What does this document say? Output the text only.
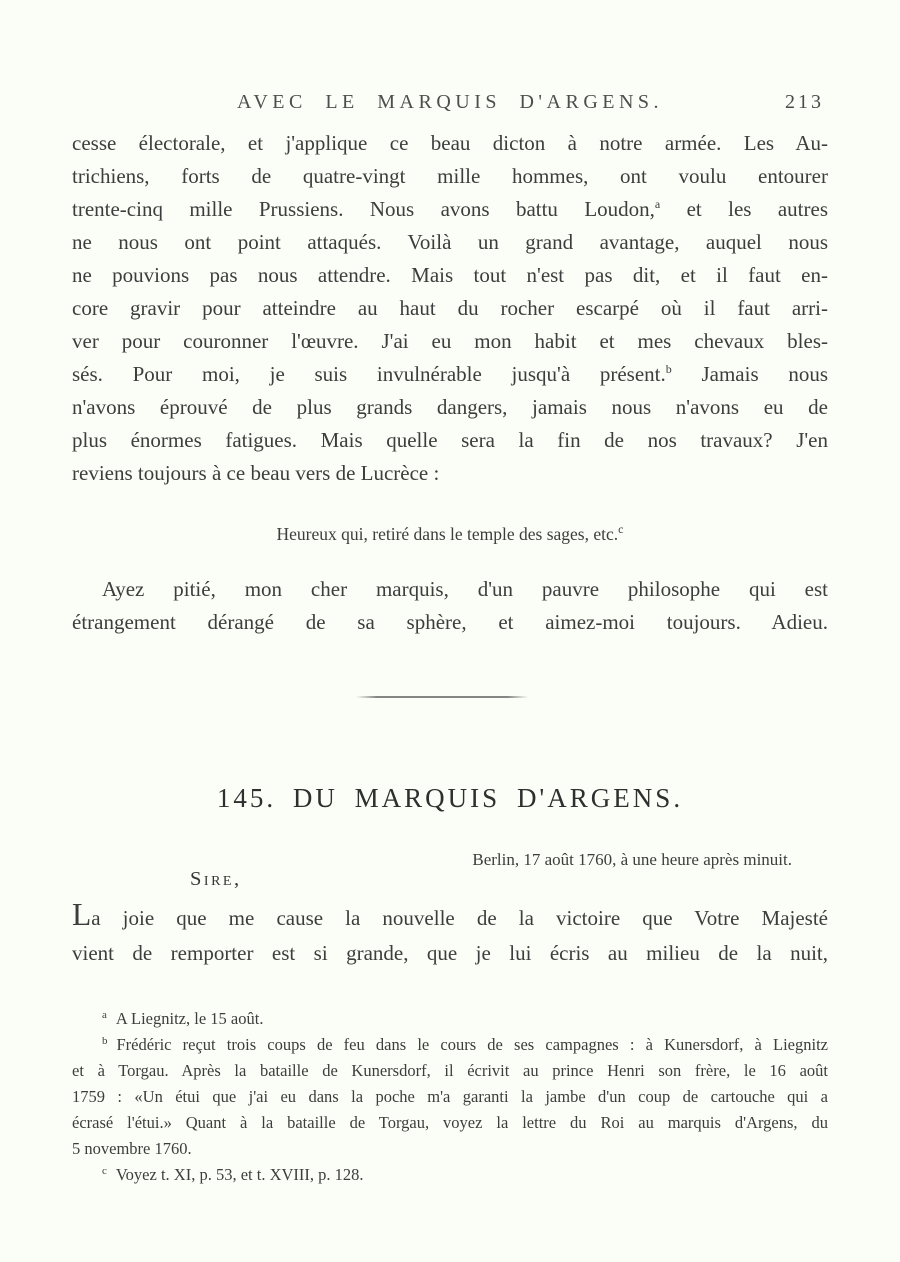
AVEC LE MARQUIS D'ARGENS.	213
cesse électorale, et j'applique ce beau dicton à notre armée. Les Au-
trichiens, forts de quatre-vingt mille hommes, ont voulu entourer
trente-cinq mille Prussiens. Nous avons battu Loudon,$^a$ et les autres
ne nous ont point attaqués. Voilà un grand avantage, auquel nous
ne pouvions pas nous attendre. Mais tout n'est pas dit, et il faut en-
core gravir pour atteindre au haut du rocher escarpé où il faut arri-
ver pour couronner l'œuvre. J'ai eu mon habit et mes chevaux bles-
sés. Pour moi, je suis invulnérable jusqu'à présent.$^b$ Jamais nous
n'avons éprouvé de plus grands dangers, jamais nous n'avons eu de
plus énormes fatigues. Mais quelle sera la fin de nos travaux? J'en
reviens toujours à ce beau vers de Lucrèce :
Heureux qui, retiré dans le temple des sages, etc.$^c$
Ayez pitié, mon cher marquis, d'un pauvre philosophe qui est
étrangement dérangé de sa sphère, et aimez-moi toujours. Adieu.
145. DU MARQUIS D'ARGENS.
Berlin, 17 août 1760, à une heure après minuit.
Sire,
La joie que me cause la nouvelle de la victoire que Votre Majesté
vient de remporter est si grande, que je lui écris au milieu de la nuit,
$^a$ A Liegnitz, le 15 août.
$^b$ Frédéric reçut trois coups de feu dans le cours de ses campagnes : à Kunersdorf, à Liegnitz
et à Torgau. Après la bataille de Kunersdorf, il écrivit au prince Henri son frère, le 16 août
1759 : «Un étui que j'ai eu dans la poche m'a garanti la jambe d'un coup de cartouche qui a
écrasé l'étui.» Quant à la bataille de Torgau, voyez la lettre du Roi au marquis d'Argens, du
5 novembre 1760.
$^c$ Voyez t. XI, p. 53, et t. XVIII, p. 128.
